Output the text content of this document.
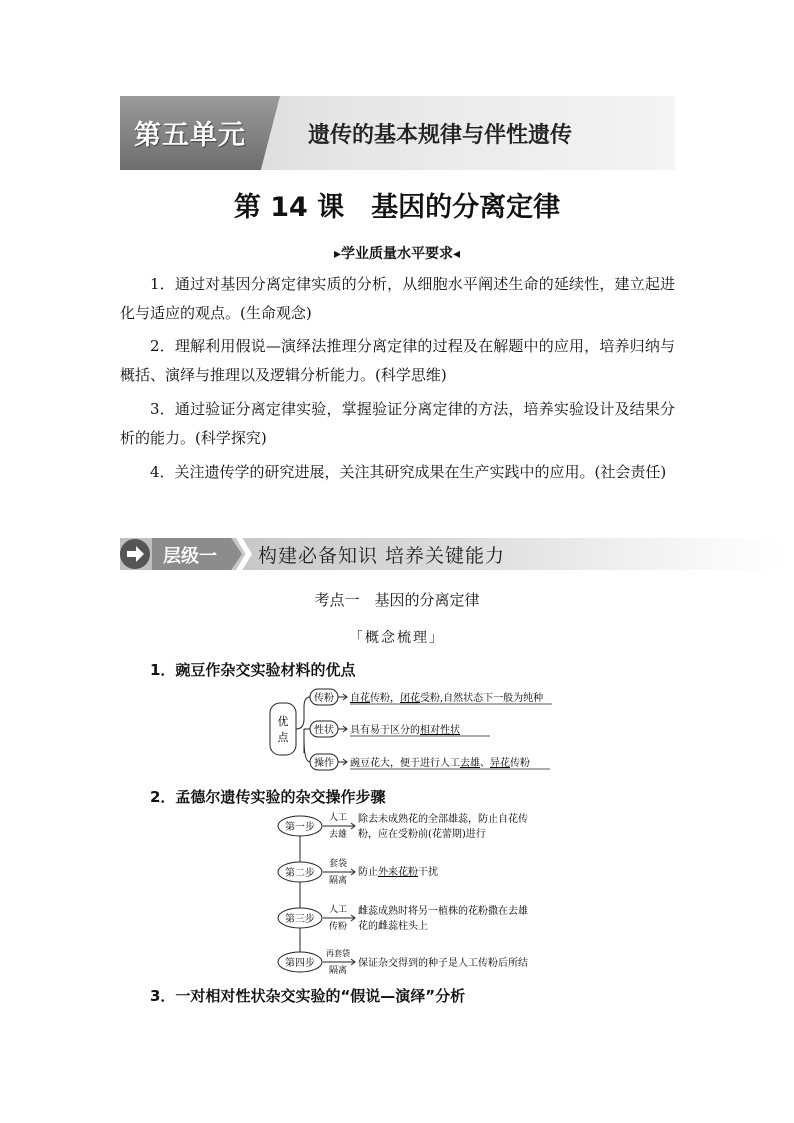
第五单元	遗传的基本规律与伴性遗传
第 14 课　基因的分离定律
▸学业质量水平要求◂
1．通过对基因分离定律实质的分析，从细胞水平阐述生命的延续性，建立起进化与适应的观点。(生命观念)
2．理解利用假说—演绎法推理分离定律的过程及在解题中的应用，培养归纳与概括、演绎与推理以及逻辑分析能力。(科学思维)
3．通过验证分离定律实验，掌握验证分离定律的方法，培养实验设计及结果分析的能力。(科学探究)
4．关注遗传学的研究进展，关注其研究成果在生产实践中的应用。(社会责任)
层级一 构建必备知识 培养关键能力
考点一　基因的分离定律
「概念梳理」
1．豌豆作杂交实验材料的优点
优
点
传粉
性状
操作
自花传粉，闭花受粉,自然状态下一般为纯种
具有易于区分的相对性状
豌豆花大，便于进行人工去雄、异花传粉
2．孟德尔遗传实验的杂交操作步骤
第一步
人工
去雄
除去未成熟花的全部雄蕊，防止自花传
粉，应在受粉前(花蕾期)进行
第二步
套袋
隔离
防止外来花粉干扰
第三步
人工
传粉
雌蕊成熟时将另一植株的花粉撒在去雄
花的雌蕊柱头上
第四步
再套袋
隔离
保证杂交得到的种子是人工传粉后所结
3．一对相对性状杂交实验的“假说—演绎”分析
